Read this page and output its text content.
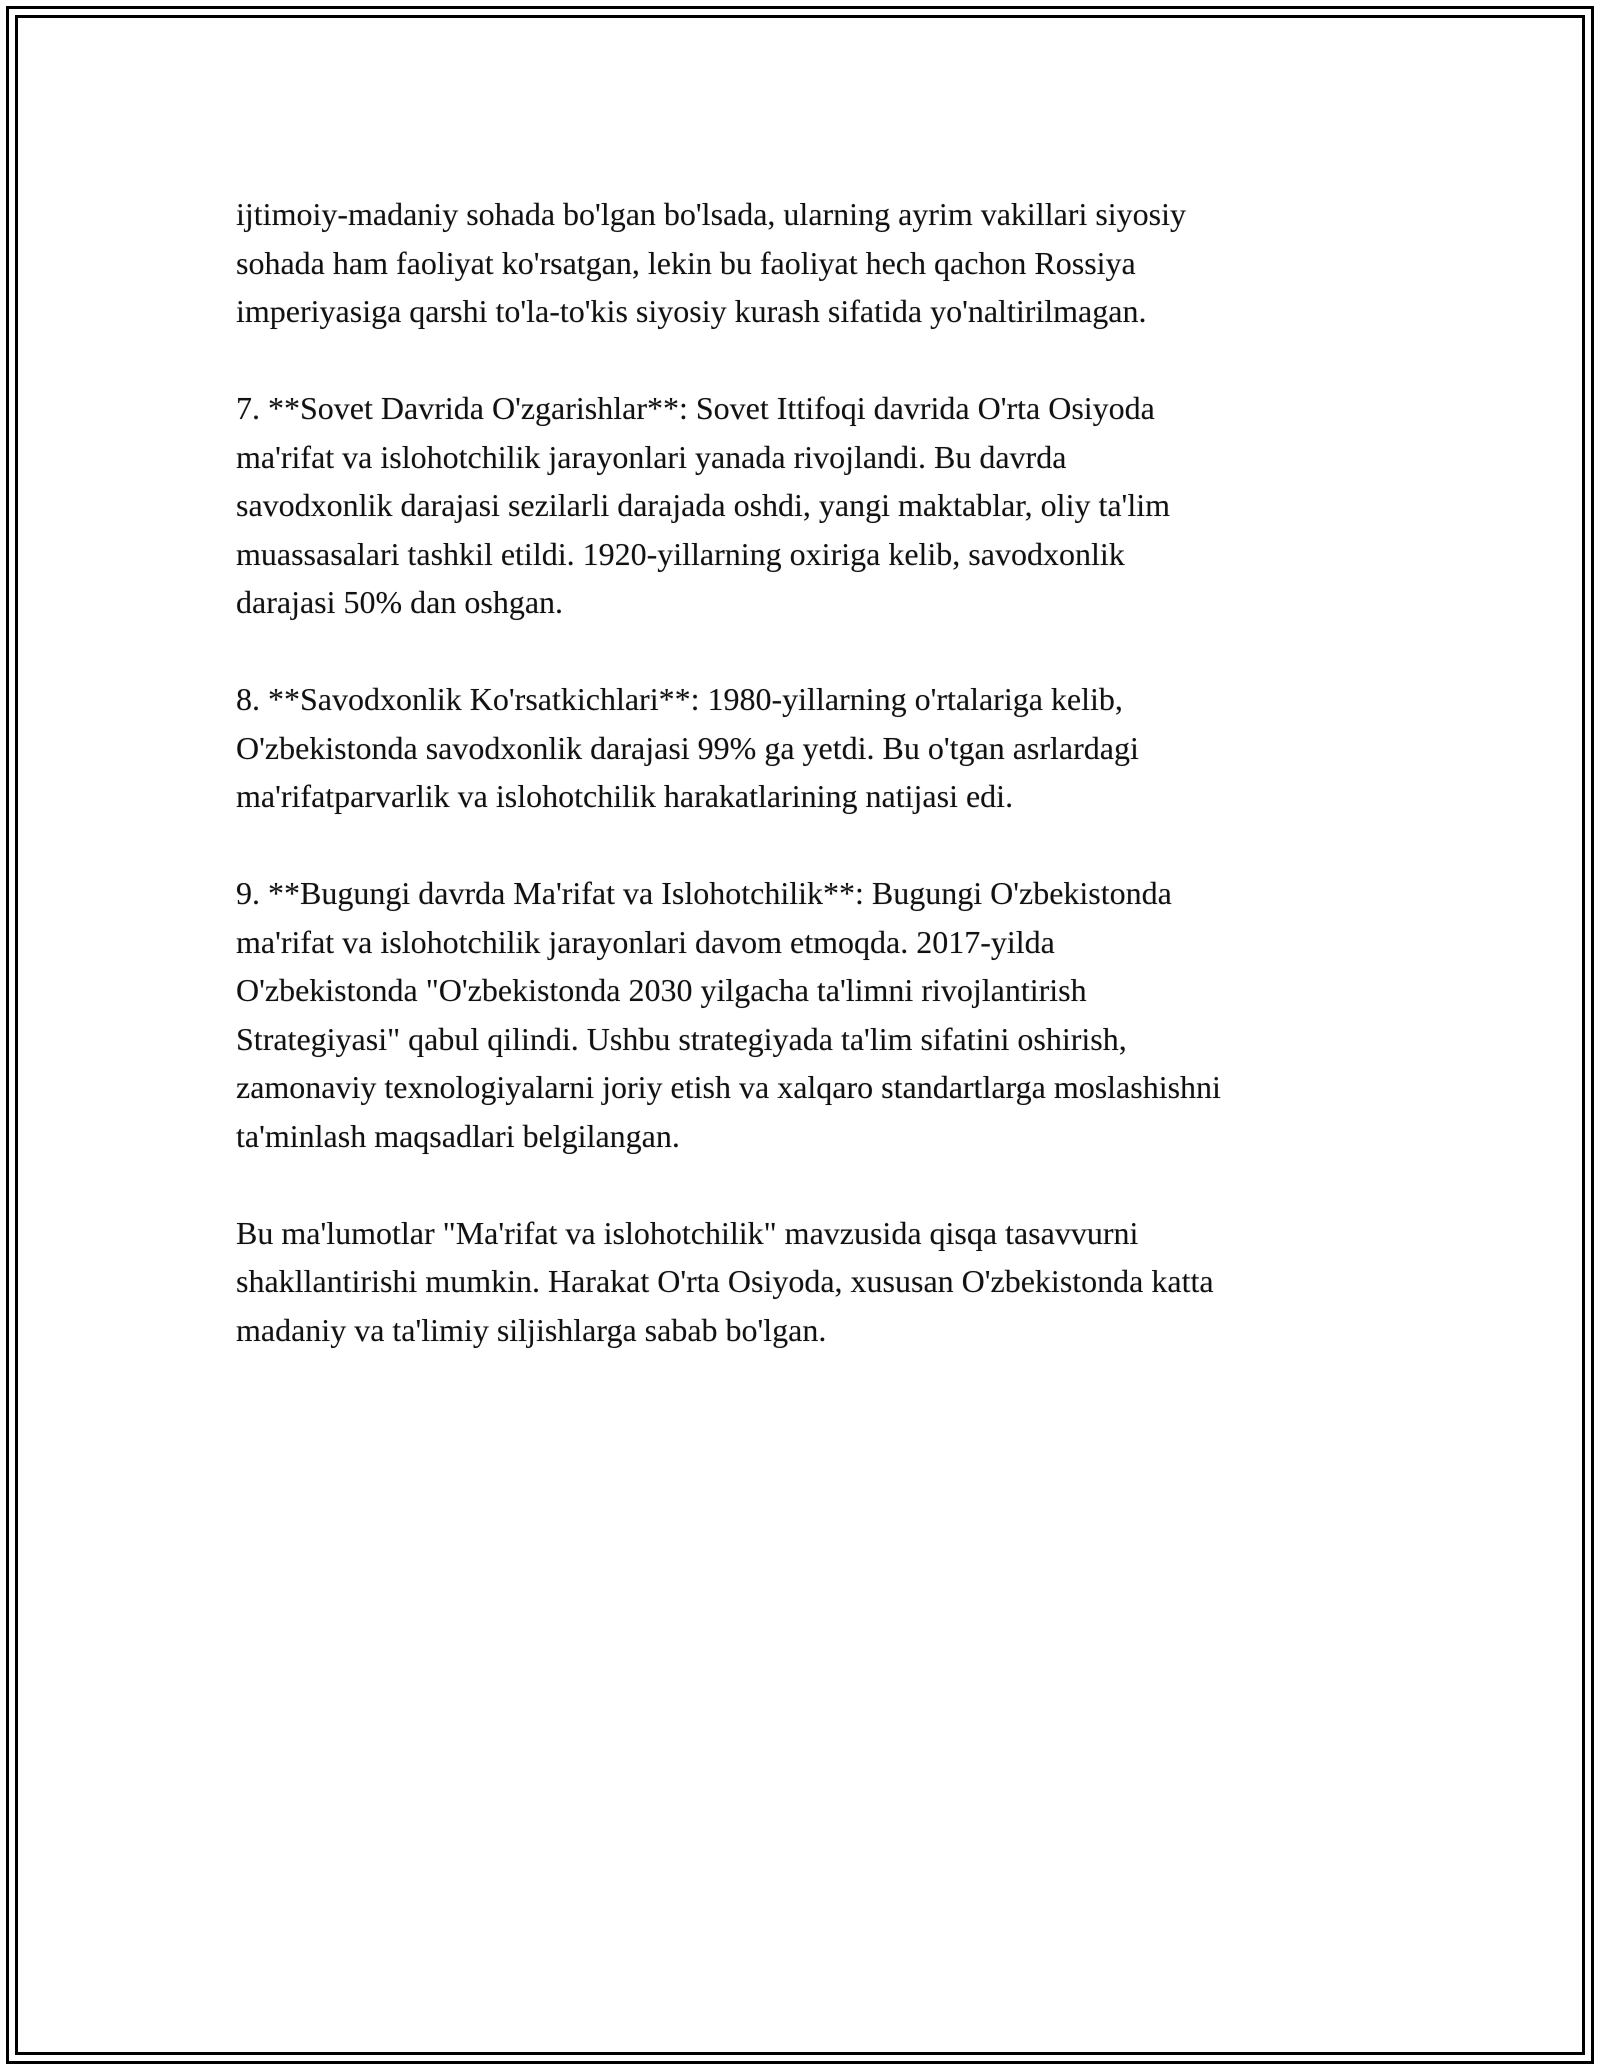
ijtimoiy-madaniy sohada bo'lgan bo'lsada, ularning ayrim vakillari siyosiy
sohada ham faoliyat ko'rsatgan, lekin bu faoliyat hech qachon Rossiya
imperiyasiga qarshi to'la-to'kis siyosiy kurash sifatida yo'naltirilmagan.

7. **Sovet Davrida O'zgarishlar**: Sovet Ittifoqi davrida O'rta Osiyoda
ma'rifat va islohotchilik jarayonlari yanada rivojlandi. Bu davrda
savodxonlik darajasi sezilarli darajada oshdi, yangi maktablar, oliy ta'lim
muassasalari tashkil etildi. 1920-yillarning oxiriga kelib, savodxonlik
darajasi 50% dan oshgan.

8. **Savodxonlik Ko'rsatkichlari**: 1980-yillarning o'rtalariga kelib,
O'zbekistonda savodxonlik darajasi 99% ga yetdi. Bu o'tgan asrlardagi
ma'rifatparvarlik va islohotchilik harakatlarining natijasi edi.

9. **Bugungi davrda Ma'rifat va Islohotchilik**: Bugungi O'zbekistonda
ma'rifat va islohotchilik jarayonlari davom etmoqda. 2017-yilda
O'zbekistonda "O'zbekistonda 2030 yilgacha ta'limni rivojlantirish
Strategiyasi" qabul qilindi. Ushbu strategiyada ta'lim sifatini oshirish,
zamonaviy texnologiyalarni joriy etish va xalqaro standartlarga moslashishni
ta'minlash maqsadlari belgilangan.

Bu ma'lumotlar "Ma'rifat va islohotchilik" mavzusida qisqa tasavvurni
shakllantirishi mumkin. Harakat O'rta Osiyoda, xususan O'zbekistonda katta
madaniy va ta'limiy siljishlarga sabab bo'lgan.
